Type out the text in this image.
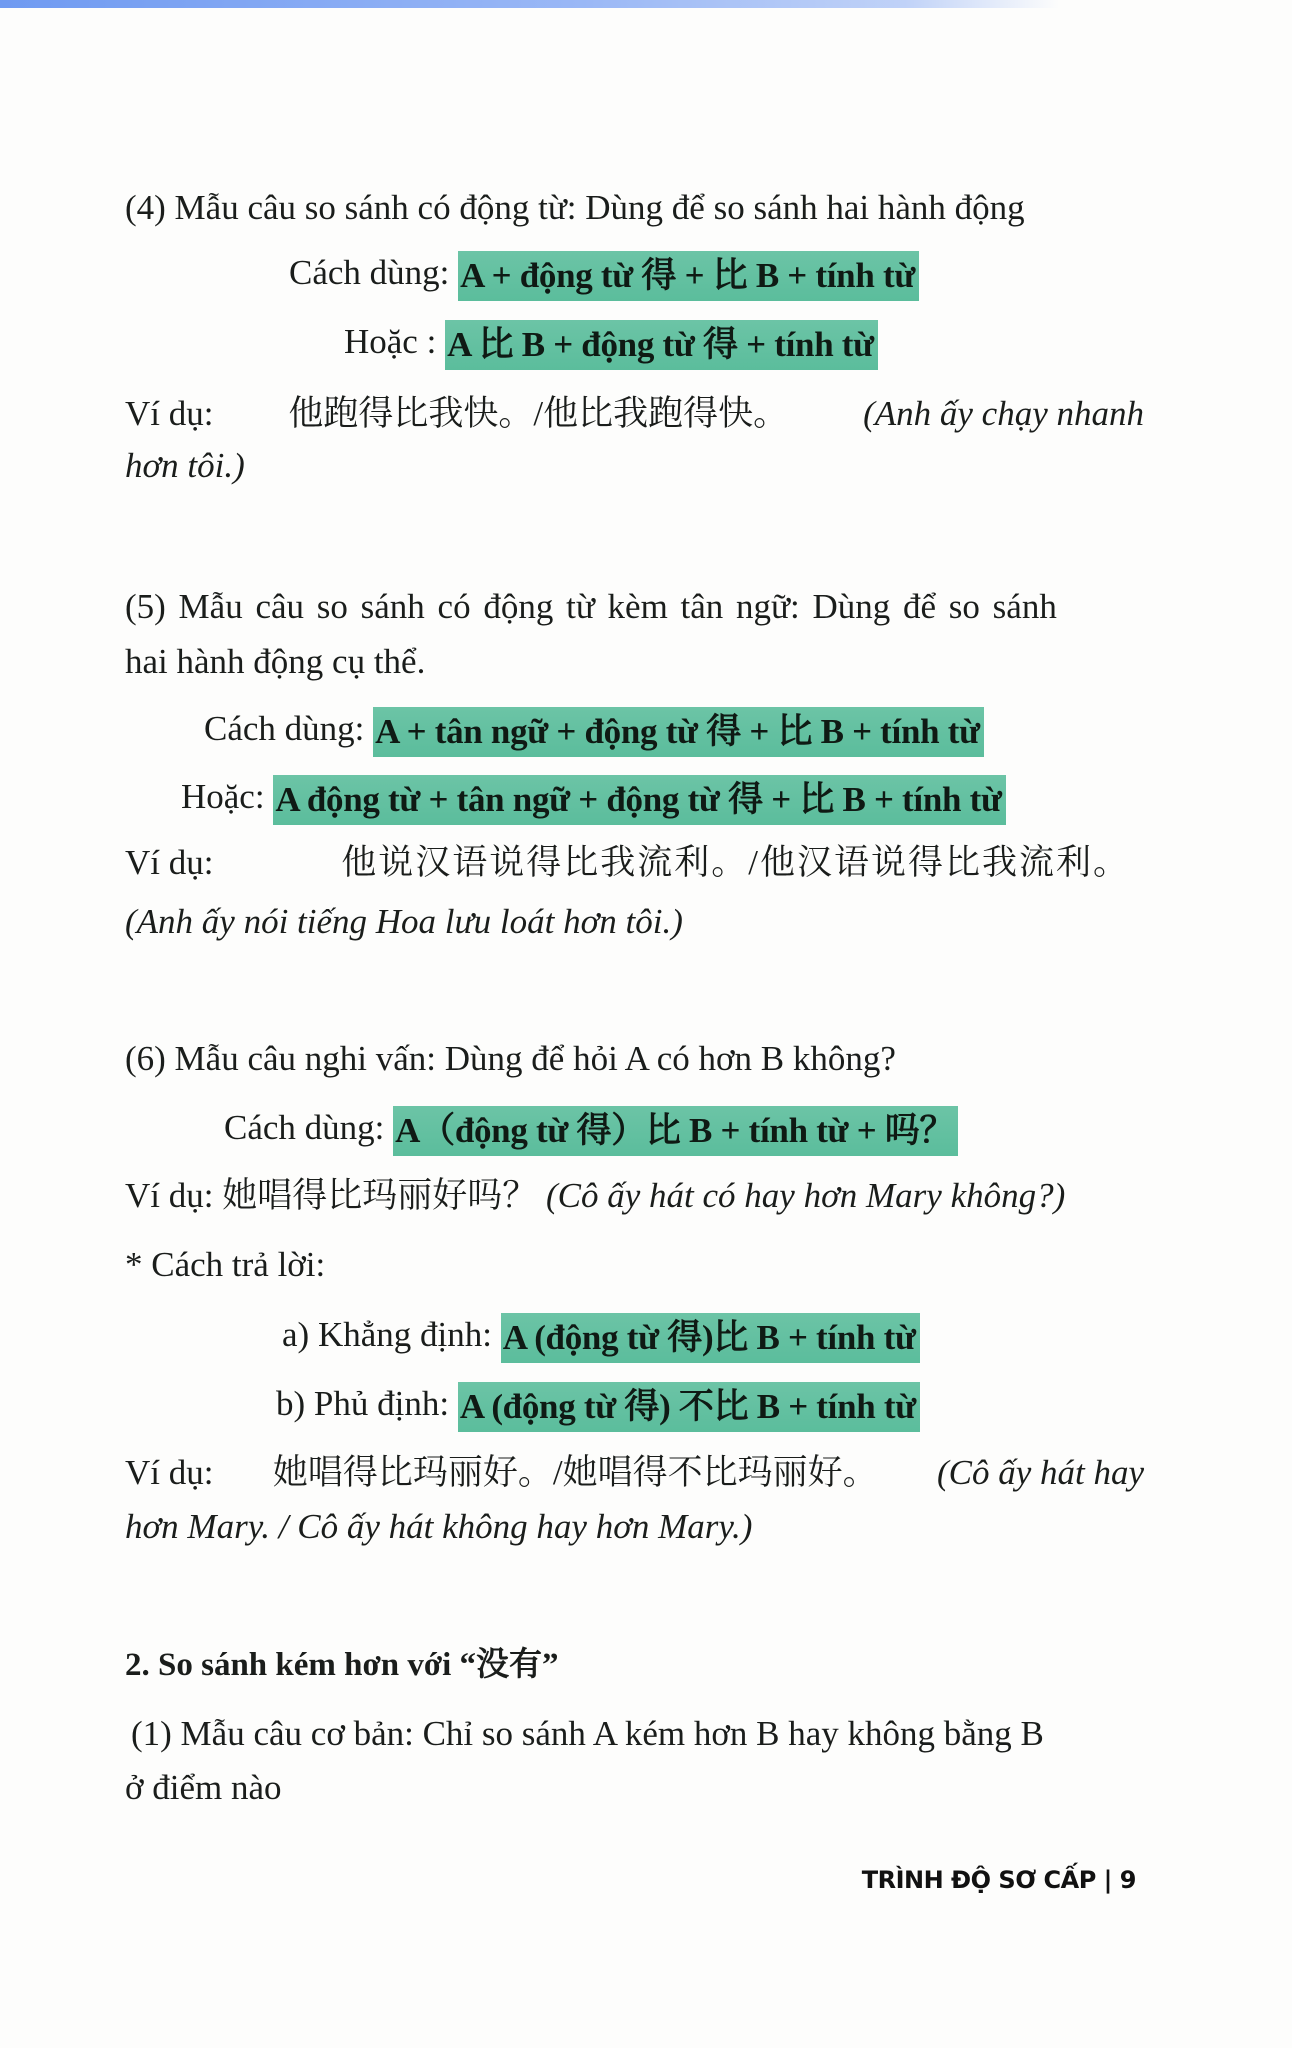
(4) Mẫu câu so sánh có động từ: Dùng để so sánh hai hành động
Cách dùng: A + động từ 得 + 比 B + tính từ
Hoặc : A 比 B + động từ 得 + tính từ
Ví dụ: 他跑得比我快。/他比我跑得快。 (Anh ấy chạy nhanh
hơn tôi.)
(5) Mẫu câu so sánh có động từ kèm tân ngữ: Dùng để so sánh
hai hành động cụ thể.
Cách dùng: A + tân ngữ + động từ 得 + 比 B + tính từ
Hoặc: A động từ + tân ngữ + động từ 得 + 比 B + tính từ
Ví dụ:	他说汉语说得比我流利。/他汉语说得比我流利。
(Anh ấy nói tiếng Hoa lưu loát hơn tôi.)
(6) Mẫu câu nghi vấn: Dùng để hỏi A có hơn B không?
Cách dùng: A（động từ 得）比 B + tính từ + 吗？
Ví dụ: 她唱得比玛丽好吗？ (Cô ấy hát có hay hơn Mary không?)
* Cách trả lời:
a) Khẳng định: A (động từ 得)比 B + tính từ
b) Phủ định: A (động từ 得) 不比 B + tính từ
Ví dụ: 她唱得比玛丽好。/她唱得不比玛丽好。 (Cô ấy hát hay
hơn Mary. / Cô ấy hát không hay hơn Mary.)
2. So sánh kém hơn với “没有”
(1) Mẫu câu cơ bản: Chỉ so sánh A kém hơn B hay không bằng B
ở điểm nào
TRÌNH ĐỘ SƠ CẤP | 9
